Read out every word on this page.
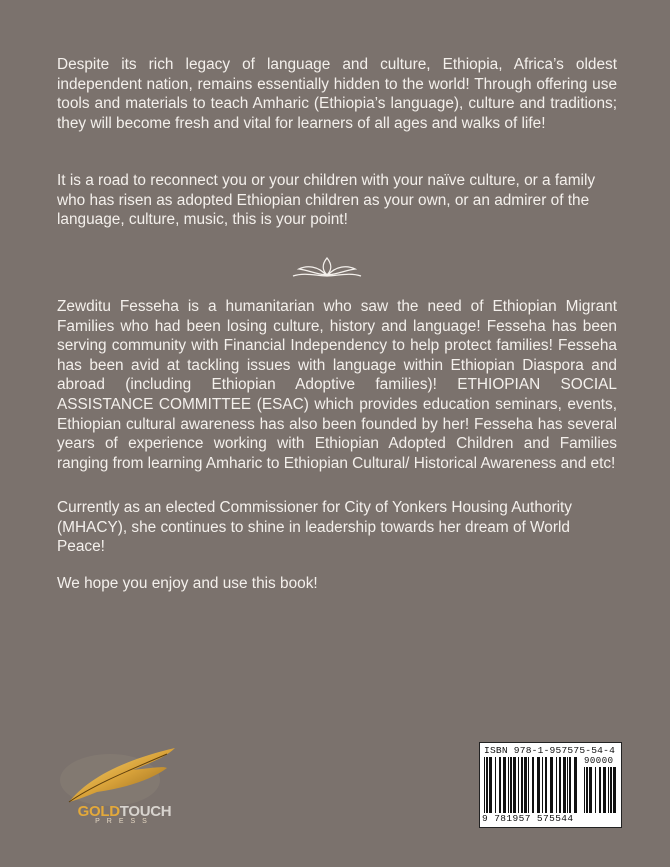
Despite its rich legacy of language and culture, Ethiopia, Africa’s oldest independent nation, remains essentially hidden to the world! Through offering use tools and materials to teach Amharic (Ethiopia’s language), culture and traditions; they will become fresh and vital for learners of all ages and walks of life!

It is a road to reconnect you or your children with your naïve culture, or a family who has risen as adopted Ethiopian children as your own, or an admirer of the language, culture, music, this is your point!

Zewditu Fesseha is a humanitarian who saw the need of Ethiopian Migrant Families who had been losing culture, history and language! Fesseha has been serving community with Financial Independency to help protect families! Fesseha has been avid at tackling issues with language within Ethiopian Diaspora and abroad (including Ethiopian Adoptive families)! ETHIOPIAN SOCIAL ASSISTANCE COMMITTEE (ESAC) which provides education seminars, events, Ethiopian cultural awareness has also been founded by her! Fesseha has several years of experience working with Ethiopian Adopted Children and Families ranging from learning Amharic to Ethiopian Cultural/ Historical Awareness and etc!

Currently as an elected Commissioner for City of Yonkers Housing Authority (MHACY), she continues to shine in leadership towards her dream of World Peace!

We hope you enjoy and use this book!

GOLDTOUCH
PRESS
ISBN 978-1-957575-54-4
90000
9 781957 575544
